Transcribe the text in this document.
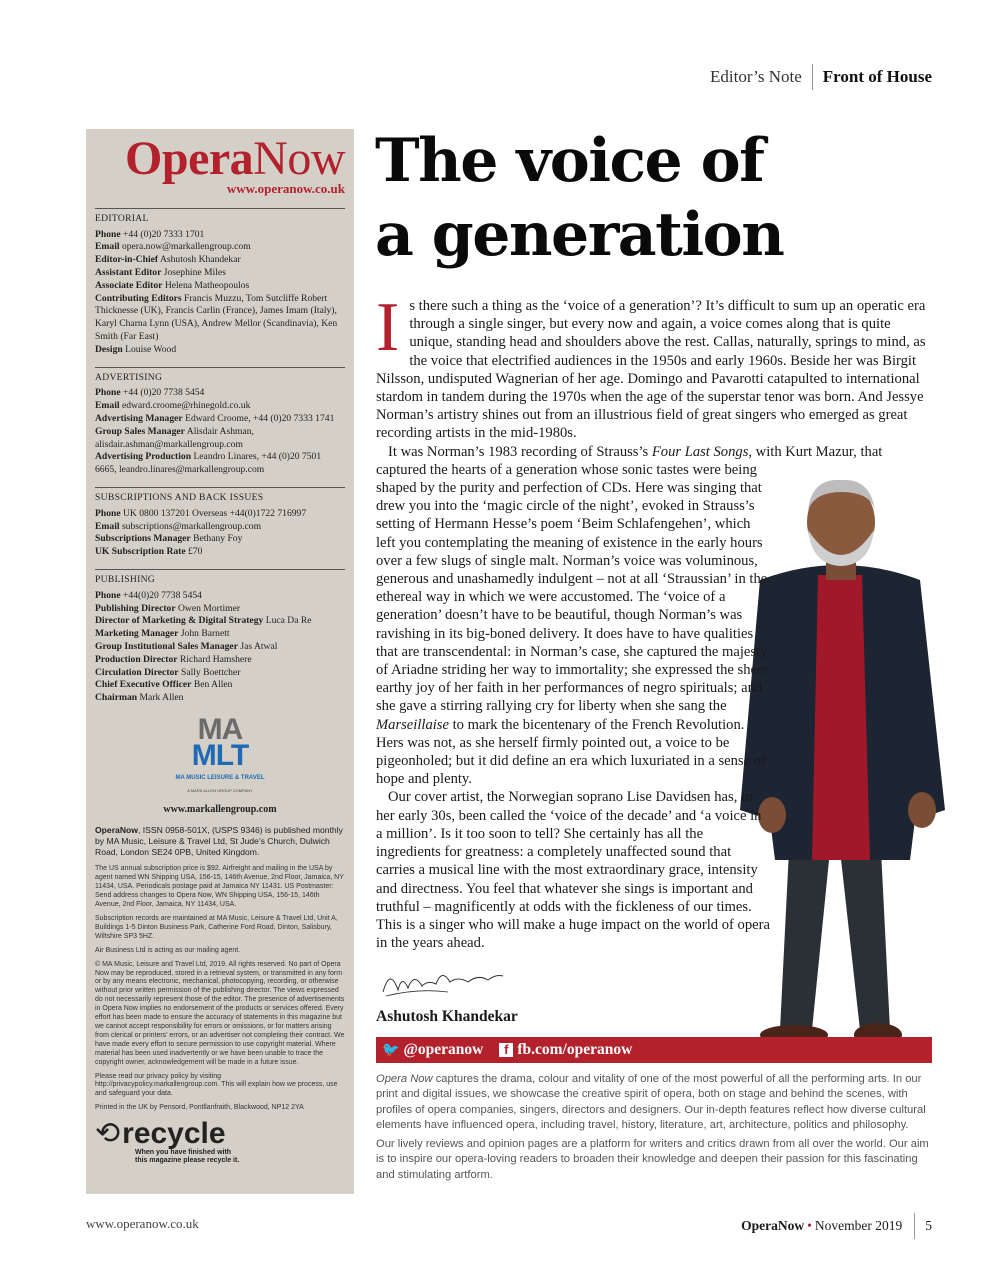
Editor’s Note	Front of House
Opera Now
www.operanow.co.uk
EDITORIAL
Phone +44 (0)20 7333 1701
Email opera.now@markallengroup.com
Editor-in-Chief Ashutosh Khandekar
Assistant Editor Josephine Miles
Associate Editor Helena Matheopoulos
Contributing Editors Francis Muzzu, Tom Sutcliffe Robert Thicknesse (UK), Francis Carlin (France), James Imam (Italy), Karyl Charna Lynn (USA), Andrew Mellor (Scandinavia), Ken Smith (Far East)
Design Louise Wood
ADVERTISING
Phone +44 (0)20 7738 5454
Email edward.croome@rhinegold.co.uk
Advertising Manager Edward Croome, +44 (0)20 7333 1741
Group Sales Manager Alisdair Ashman, alisdair.ashman@markallengroup.com
Advertising Production Leandro Linares, +44 (0)20 7501 6665, leandro.linares@markallengroup.com
SUBSCRIPTIONS AND BACK ISSUES
Phone UK 0800 137201 Overseas +44(0)1722 716997
Email subscriptions@markallengroup.com
Subscriptions Manager Bethany Foy
UK Subscription Rate £70
PUBLISHING
Phone +44(0)20 7738 5454
Publishing Director Owen Mortimer
Director of Marketing & Digital Strategy Luca Da Re
Marketing Manager John Barnett
Group Institutional Sales Manager Jas Atwal
Production Director Richard Hamshere
Circulation Director Sally Boettcher
Chief Executive Officer Ben Allen
Chairman Mark Allen
MA
MLT
MA MUSIC LEISURE & TRAVEL
A MARK ALLEN GROUP COMPANY
www.markallengroup.com
OperaNow, ISSN 0958-501X, (USPS 9346) is published monthly by MA Music, Leisure & Travel Ltd, St Jude’s Church, Dulwich Road, London SE24 0PB, United Kingdom.
The US annual subscription price is $92. Airfreight and mailing in the USA by agent named WN Shipping USA, 156-15, 146th Avenue, 2nd Floor, Jamaica, NY 11434, USA. Periodicals postage paid at Jamaica NY 11431. US Postmaster: Send address changes to Opera Now, WN Shipping USA, 156-15, 146th Avenue, 2nd Floor, Jamaica, NY 11434, USA.
Subscription records are maintained at MA Music, Leisure & Travel Ltd, Unit A, Buildings 1-5 Dinton Business Park, Catherine Ford Road, Dinton, Salisbury, Wiltshire SP3 5HZ.
Air Business Ltd is acting as our mailing agent.
© MA Music, Leisure and Travel Ltd, 2019. All rights reserved. No part of Opera Now may be reproduced, stored in a retrieval system, or transmitted in any form or by any means electronic, mechanical, photocopying, recording, or otherwise without prior written permission of the publishing director. The views expressed do not necessarily represent those of the editor. The presence of advertisements in Opera Now implies no endorsement of the products or services offered. Every effort has been made to ensure the accuracy of statements in this magazine but we cannot accept responsibility for errors or omissions, or for matters arising from clerical or printers’ errors, or an advertiser not completing their contract. We have made every effort to secure permission to use copyright material. Where material has been used inadvertently or we have been unable to trace the copyright owner, acknowledgement will be made in a future issue.
Please read our privacy policy by visiting http://privacypolicy.markallengroup.com. This will explain how we process, use and safeguard your data.
Printed in the UK by Pensord, Pontllanfraith, Blackwood, NP12 2YA
⟲ recycle
When you have finished with
this magazine please recycle it.
The voice of
a generation

Is there such a thing as the ‘voice of a generation’? It’s difficult to sum up an operatic era through a single singer, but every now and again, a voice comes along that is quite unique, standing head and shoulders above the rest. Callas, naturally, springs to mind, as the voice that electrified audiences in the 1950s and early 1960s. Beside her was Birgit Nilsson, undisputed Wagnerian of her age. Domingo and Pavarotti catapulted to international stardom in tandem during the 1970s when the age of the superstar tenor was born. And Jessye Norman’s artistry shines out from an illustrious field of great singers who emerged as great recording artists in the mid-1980s.

It was Norman’s 1983 recording of Strauss’s Four Last Songs, with Kurt Mazur, that

captured the hearts of a generation whose sonic tastes were being shaped by the purity and perfection of CDs. Here was singing that drew you into the ‘magic circle of the night’, evoked in Strauss’s setting of Hermann Hesse’s poem ‘Beim Schlafengehen’, which left you contemplating the meaning of existence in the early hours over a few slugs of single malt. Norman’s voice was voluminous, generous and unashamedly indulgent – not at all ‘Straussian’ in the ethereal way in which we were accustomed. The ‘voice of a generation’ doesn’t have to be beautiful, though Norman’s was ravishing in its big-boned delivery. It does have to have qualities that are transcendental: in Norman’s case, she captured the majesty of Ariadne striding her way to immortality; she expressed the sheer earthy joy of her faith in her performances of negro spirituals; and she gave a stirring rallying cry for liberty when she sang the Marseillaise to mark the bicentenary of the French Revolution. Hers was not, as she herself firmly pointed out, a voice to be pigeonholed; but it did define an era which luxuriated in a sense of hope and plenty.

Our cover artist, the Norwegian soprano Lise Davidsen has, in her early 30s, been called the ‘voice of the decade’ and ‘a voice in a million’. Is it too soon to tell? She certainly has all the ingredients for greatness: a completely unaffected sound that carries a musical line with the most extraordinary grace, intensity and directness. You feel that whatever she sings is important and truthful – magnificently at odds with the fickleness of our times. This is a singer who will make a huge impact on the world of opera in the years ahead.

Ashutosh Khandekar
🐦 @operanow	f fb.com/operanow

Opera Now captures the drama, colour and vitality of one of the most powerful of all the performing arts. In our print and digital issues, we showcase the creative spirit of opera, both on stage and behind the scenes, with profiles of opera companies, singers, directors and designers. Our in-depth features reflect how diverse cultural elements have influenced opera, including travel, history, literature, art, architecture, politics and philosophy.

Our lively reviews and opinion pages are a platform for writers and critics drawn from all over the world. Our aim is to inspire our opera-loving readers to broaden their knowledge and deepen their passion for this fascinating and stimulating artform.

www.operanow.co.uk	OperaNow • November 2019 5
